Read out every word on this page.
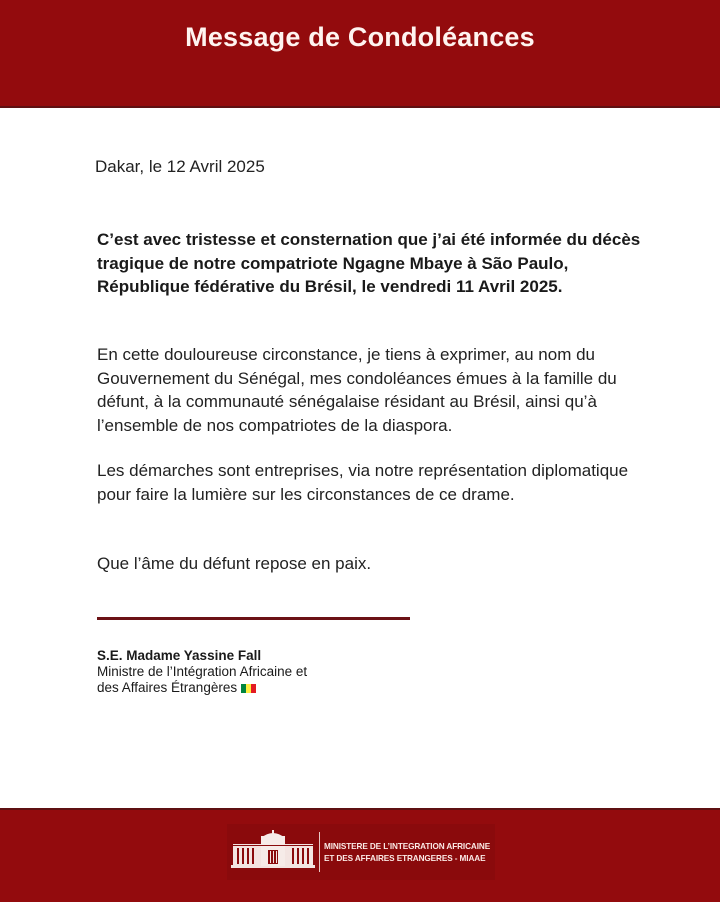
Message de Condoléances
Dakar, le 12 Avril 2025
C’est avec tristesse et consternation que j’ai été informée du décès tragique de notre compatriote Ngagne Mbaye à São Paulo, République fédérative du Brésil, le vendredi 11 Avril 2025.
En cette douloureuse circonstance, je tiens à exprimer, au nom du Gouvernement du Sénégal, mes condoléances émues à la famille du défunt, à la communauté sénégalaise résidant au Brésil, ainsi qu’à l’ensemble de nos compatriotes de la diaspora.
Les démarches sont entreprises, via notre représentation diplomatique pour faire la lumière sur les circonstances de ce drame.
Que l’âme du défunt repose en paix.
S.E. Madame Yassine Fall
Ministre de l’Intégration Africaine et
des Affaires Étrangères
MINISTERE DE L’INTEGRATION AFRICAINE
ET DES AFFAIRES ETRANGERES - MIAAE
